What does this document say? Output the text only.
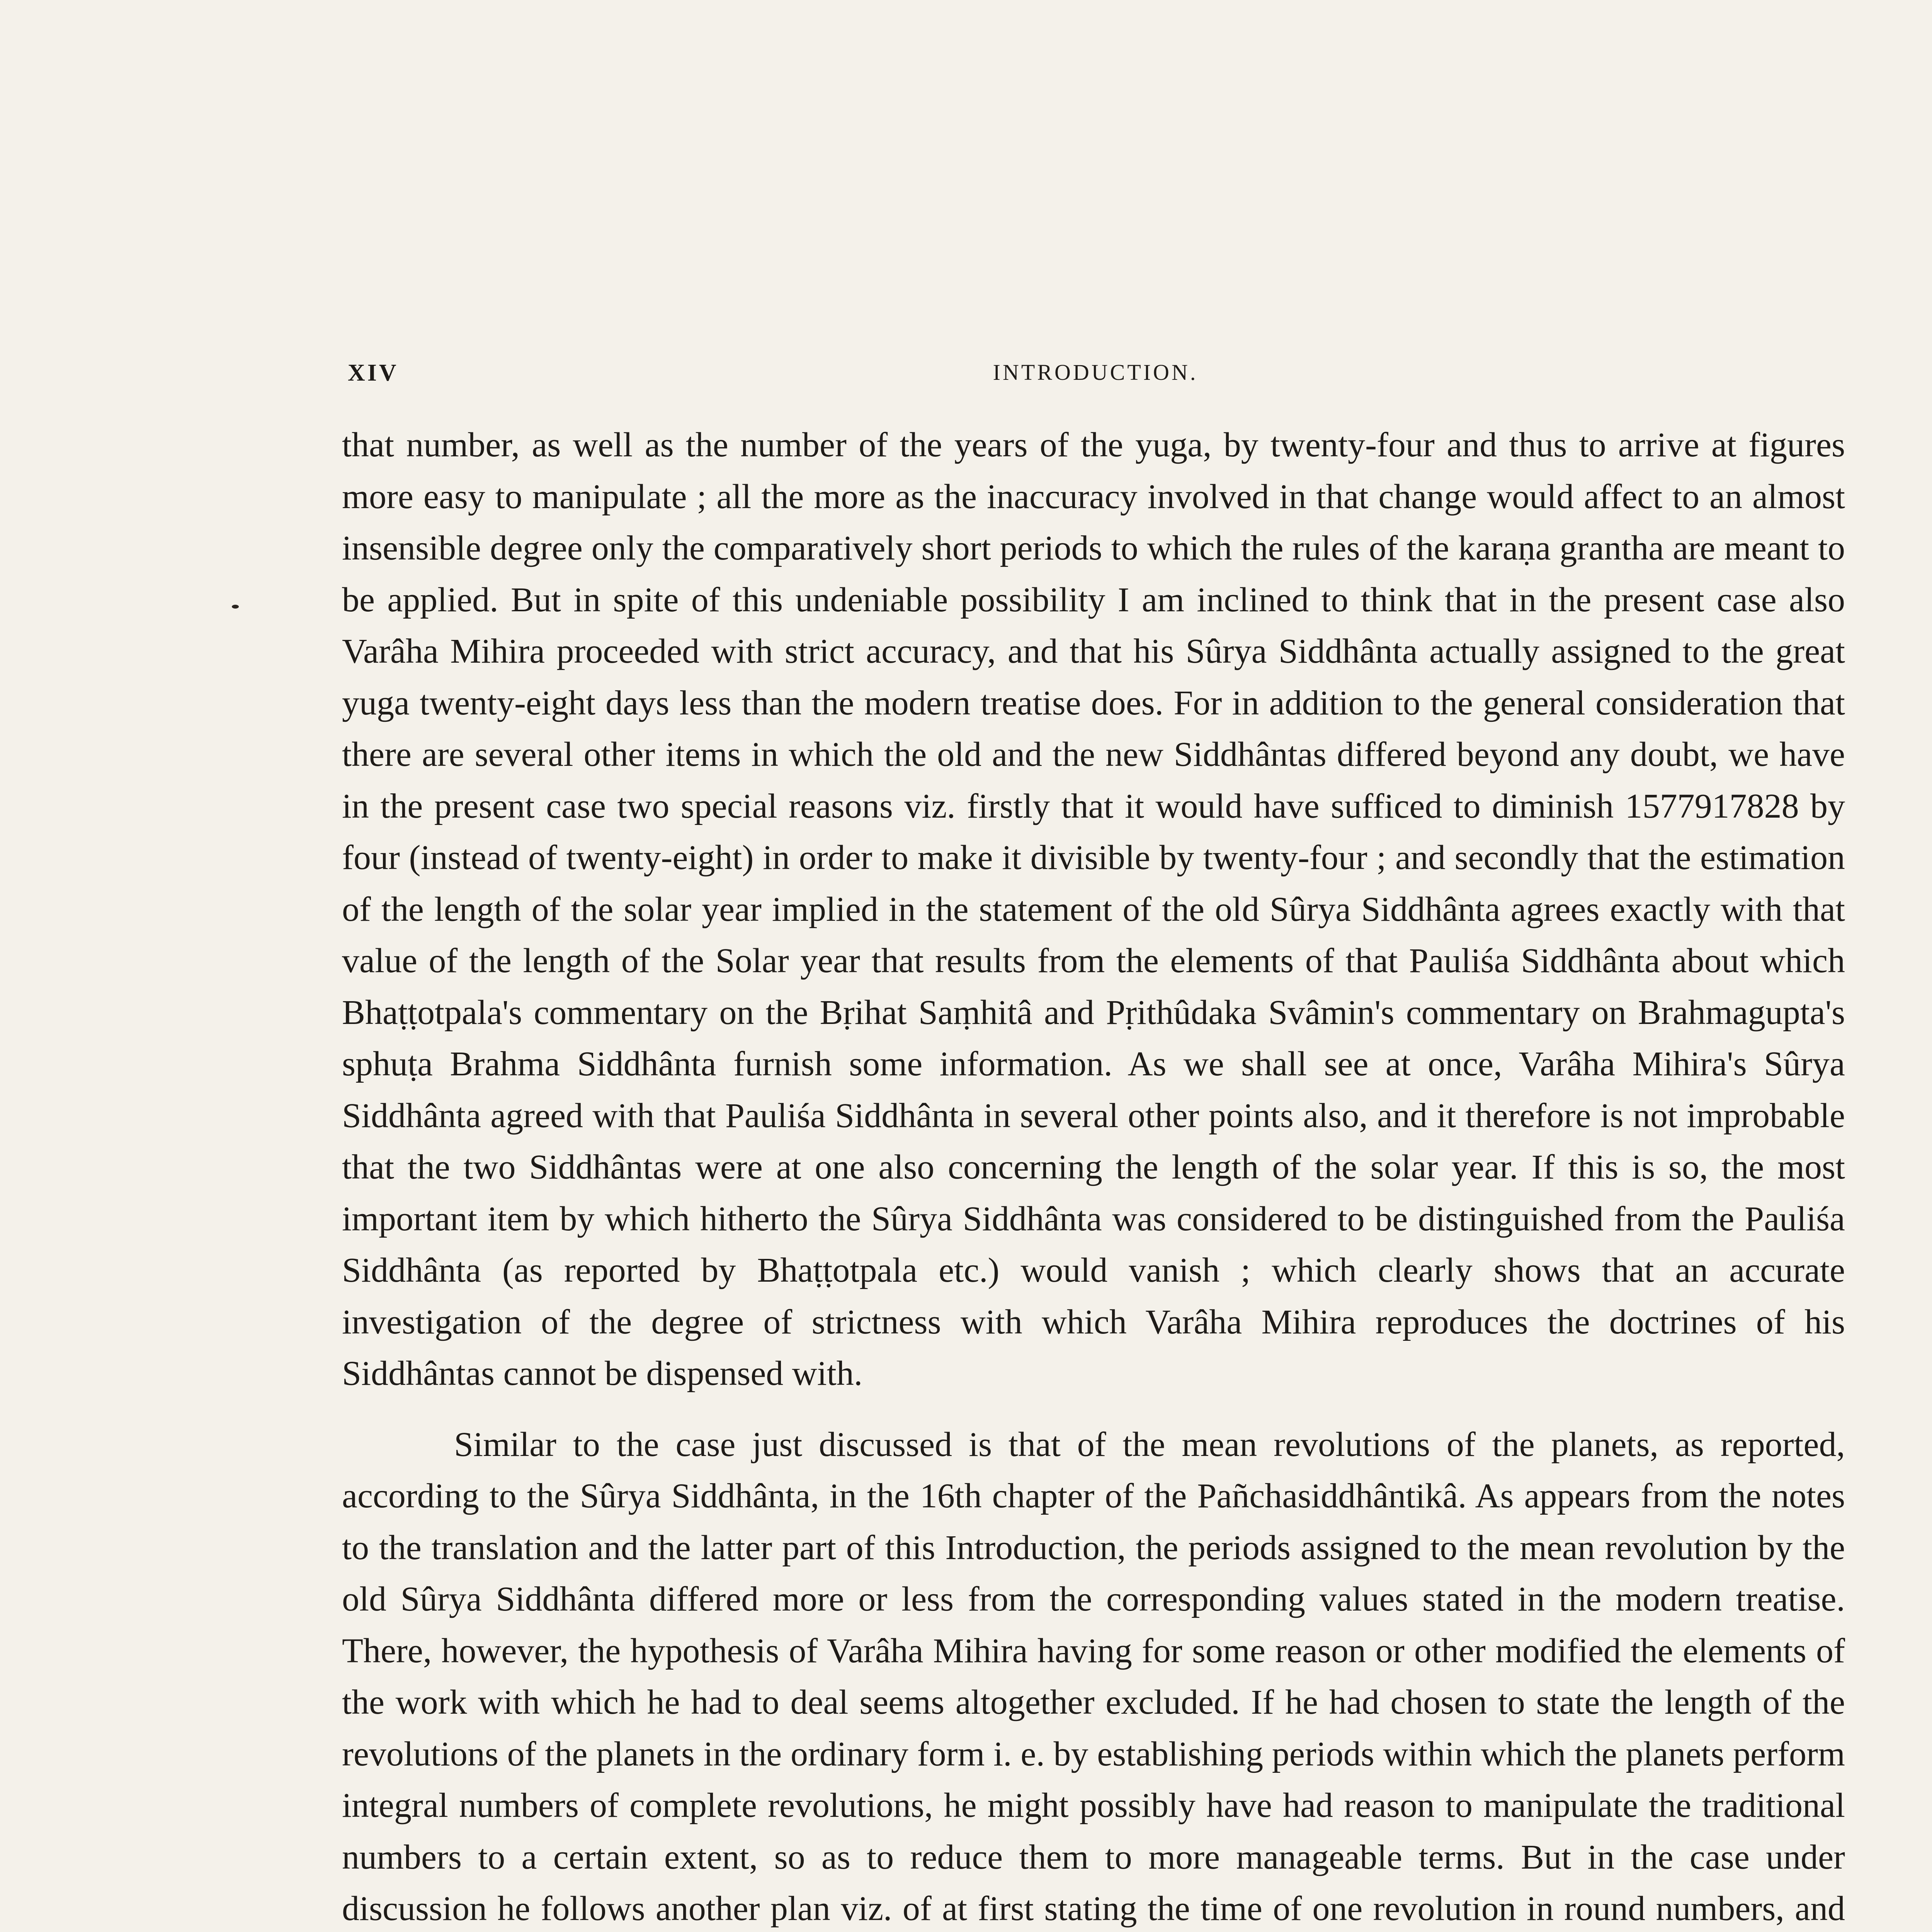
XIV	INTRODUCTION.

that number, as well as the number of the years of the yuga, by twenty-four and thus to arrive at figures more easy to manipulate ; all the more as the inaccuracy involved in that change would affect to an almost insensible degree only the comparatively short periods to which the rules of the karaṇa grantha are meant to be applied. But in spite of this undeniable possibility I am inclined to think that in the present case also Varâha Mihira proceeded with strict accuracy, and that his Sûrya Siddhânta actually assigned to the great yuga twenty-eight days less than the modern treatise does. For in addition to the general consideration that there are several other items in which the old and the new Siddhântas differed beyond any doubt, we have in the present case two special reasons viz. firstly that it would have sufficed to diminish 1577917828 by four (instead of twenty-eight) in order to make it divisible by twenty-four ; and secondly that the estimation of the length of the solar year implied in the statement of the old Sûrya Siddhânta agrees exactly with that value of the length of the Solar year that results from the elements of that Pauliśa Siddhânta about which Bhaṭṭotpala's commentary on the Bṛihat Saṃhitâ and Pṛithûdaka Svâmin's commentary on Brahmagupta's sphuṭa Brahma Siddhânta furnish some information. As we shall see at once, Varâha Mihira's Sûrya Siddhânta agreed with that Pauliśa Siddhânta in several other points also, and it therefore is not improbable that the two Siddhântas were at one also concerning the length of the solar year. If this is so, the most important item by which hitherto the Sûrya Siddhânta was considered to be distinguished from the Pauliśa Siddhânta (as reported by Bhaṭṭotpala etc.) would vanish ; which clearly shows that an accurate investigation of the degree of strictness with which Varâha Mihira reproduces the doctrines of his Siddhântas cannot be dispensed with.

Similar to the case just discussed is that of the mean revolutions of the planets, as reported, according to the Sûrya Siddhânta, in the 16th chapter of the Pañchasiddhântikâ. As appears from the notes to the translation and the latter part of this Introduction, the periods assigned to the mean revolution by the old Sûrya Siddhânta differed more or less from the corresponding values stated in the modern treatise. There, however, the hypothesis of Varâha Mihira having for some reason or other modified the elements of the work with which he had to deal seems altogether excluded. If he had chosen to state the length of the revolutions of the planets in the ordinary form i. e. by establishing periods within which the planets perform integral numbers of complete revolutions, he might possibly have had reason to manipulate the traditional numbers to a certain extent, so as to reduce them to more manageable terms. But in the case under discussion he follows another plan viz. of at first stating the time of one revolution in round numbers, and
